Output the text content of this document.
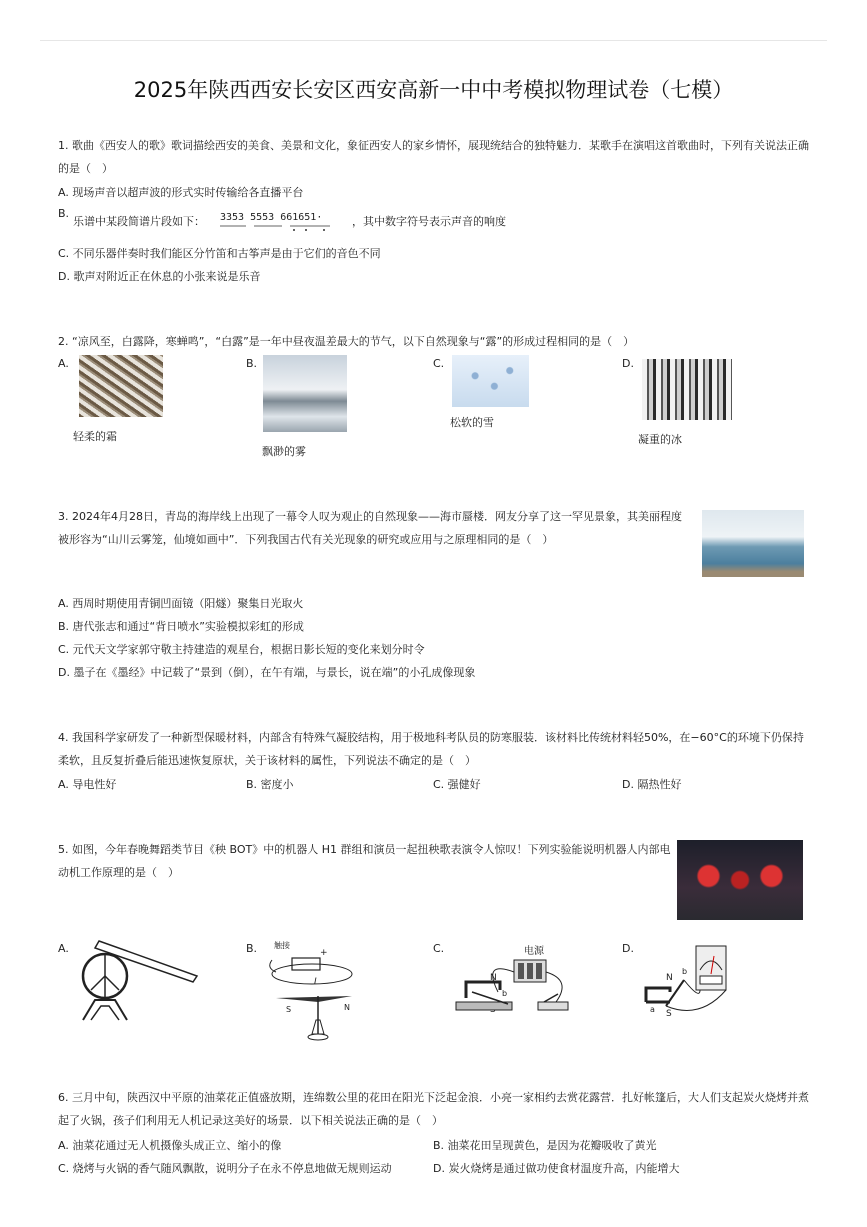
2025年陕西西安长安区西安高新一中中考模拟物理试卷（七模）
1. 歌曲《西安人的歌》歌词描绘西安的美食、美景和文化，象征西安人的家乡情怀，展现统结合的独特魅力．某歌手在演唱这首歌曲时，下列有关说法正确的是（　）
A. 现场声音以超声波的形式实时传输给各直播平台
B.
乐谱中某段简谱片段如下： 3353 5553 661651·	，其中数字符号表示声音的响度
C. 不同乐器伴奏时我们能区分竹笛和古筝声是由于它们的音色不同
D. 歌声对附近正在休息的小张来说是乐音
2. “凉风至，白露降，寒蝉鸣”，“白露”是一年中昼夜温差最大的节气，以下自然现象与“露”的形成过程相同的是（　）
A.
轻柔的霜
B.
飘渺的雾
C.
松软的雪
D.
凝重的冰
3. 2024年4月28日，青岛的海岸线上出现了一幕令人叹为观止的自然现象——海市蜃楼．网友分享了这一罕见景象，其美丽程度被形容为“山川云雾笼，仙境如画中”．下列我国古代有关光现象的研究或应用与之原理相同的是（　）
A. 西周时期使用青铜凹面镜（阳燧）聚集日光取火
B. 唐代张志和通过“背日喷水”实验模拟彩虹的形成
C. 元代天文学家郭守敬主持建造的观星台，根据日影长短的变化来划分时令
D. 墨子在《墨经》中记载了“景到（倒），在午有端，与景长，说在端”的小孔成像现象
4. 我国科学家研发了一种新型保暖材料，内部含有特殊气凝胶结构，用于极地科考队员的防寒服装．该材料比传统材料轻50%，在−60°C的环境下仍保持柔软，且反复折叠后能迅速恢复原状，关于该材料的属性，下列说法不确定的是（　）
A. 导电性好	B. 密度小	C. 强健好	D. 隔热性好
5. 如图，今年春晚舞蹈类节目《秧 BOT》中的机器人 H1 群组和演员一起扭秧歌表演令人惊叹！下列实验能说明机器人内部电动机工作原理的是（　）
A.	B. 触接
+
I
S	N
C.	电源
N
b
D.
N
S
a
b
6. 三月中旬，陕西汉中平原的油菜花正值盛放期，连绵数公里的花田在阳光下泛起金浪．小亮一家相约去赏花露营．扎好帐篷后，大人们支起炭火烧烤并煮起了火锅，孩子们利用无人机记录这美好的场景．以下相关说法正确的是（　）
A. 油菜花通过无人机摄像头成正立、缩小的像	B. 油菜花田呈现黄色，是因为花瓣吸收了黄光
C. 烧烤与火锅的香气随风飘散，说明分子在永不停息地做无规则运动	D. 炭火烧烤是通过做功使食材温度升高，内能增大
